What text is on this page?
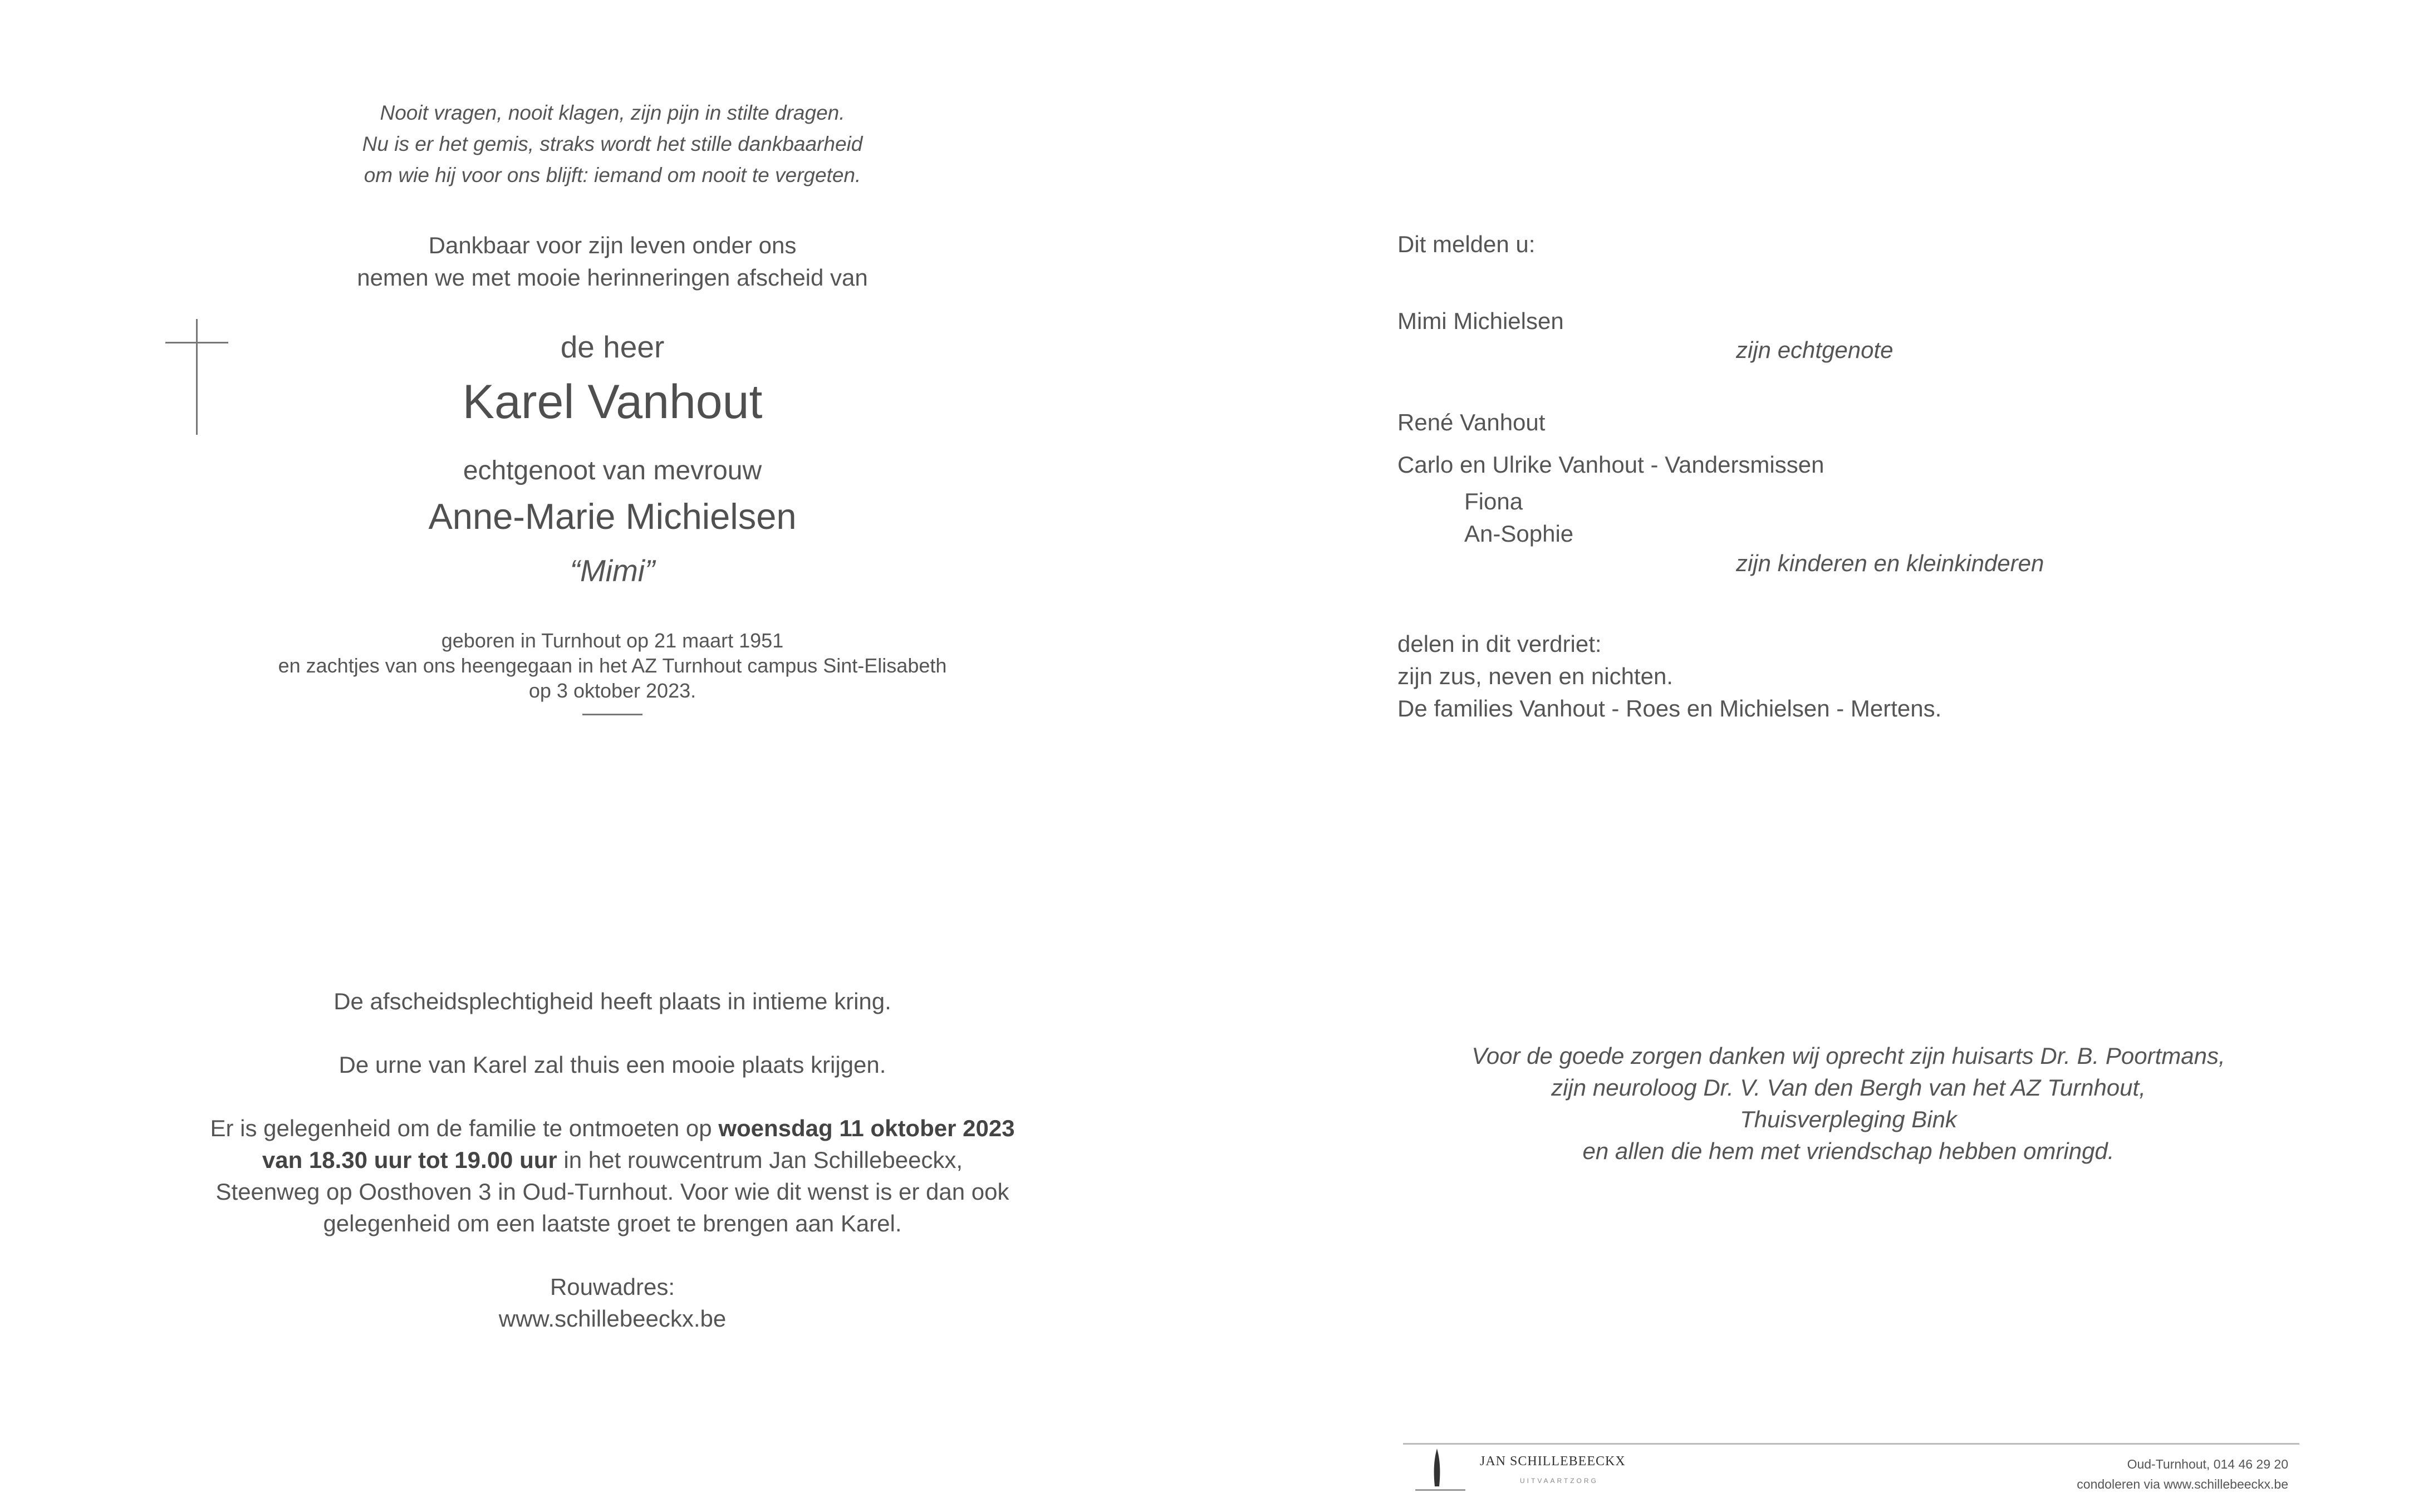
Nooit vragen, nooit klagen, zijn pijn in stilte dragen.
Nu is er het gemis, straks wordt het stille dankbaarheid
om wie hij voor ons blijft: iemand om nooit te vergeten.
Dankbaar voor zijn leven onder ons
nemen we met mooie herinneringen afscheid van
de heer
Karel Vanhout
echtgenoot van mevrouw
Anne-Marie Michielsen
“Mimi”
geboren in Turnhout op 21 maart 1951
en zachtjes van ons heengegaan in het AZ Turnhout campus Sint-Elisabeth
op 3 oktober 2023.
De afscheidsplechtigheid heeft plaats in intieme kring.
De urne van Karel zal thuis een mooie plaats krijgen.
Er is gelegenheid om de familie te ontmoeten op woensdag 11 oktober 2023
van 18.30 uur tot 19.00 uur in het rouwcentrum Jan Schillebeeckx,
Steenweg op Oosthoven 3 in Oud-Turnhout. Voor wie dit wenst is er dan ook
gelegenheid om een laatste groet te brengen aan Karel.
Rouwadres:
www.schillebeeckx.be
Dit melden u:
Mimi Michielsen
zijn echtgenote
René Vanhout
Carlo en Ulrike Vanhout - Vandersmissen
Fiona
An-Sophie
zijn kinderen en kleinkinderen
delen in dit verdriet:
zijn zus, neven en nichten.
De families Vanhout - Roes en Michielsen - Mertens.
Voor de goede zorgen danken wij oprecht zijn huisarts Dr. B. Poortmans,
zijn neuroloog Dr. V. Van den Bergh van het AZ Turnhout,
Thuisverpleging Bink
en allen die hem met vriendschap hebben omringd.
JAN SCHILLEBEECKX
UITVAARTZORG
Oud-Turnhout, 014 46 29 20
condoleren via www.schillebeeckx.be
